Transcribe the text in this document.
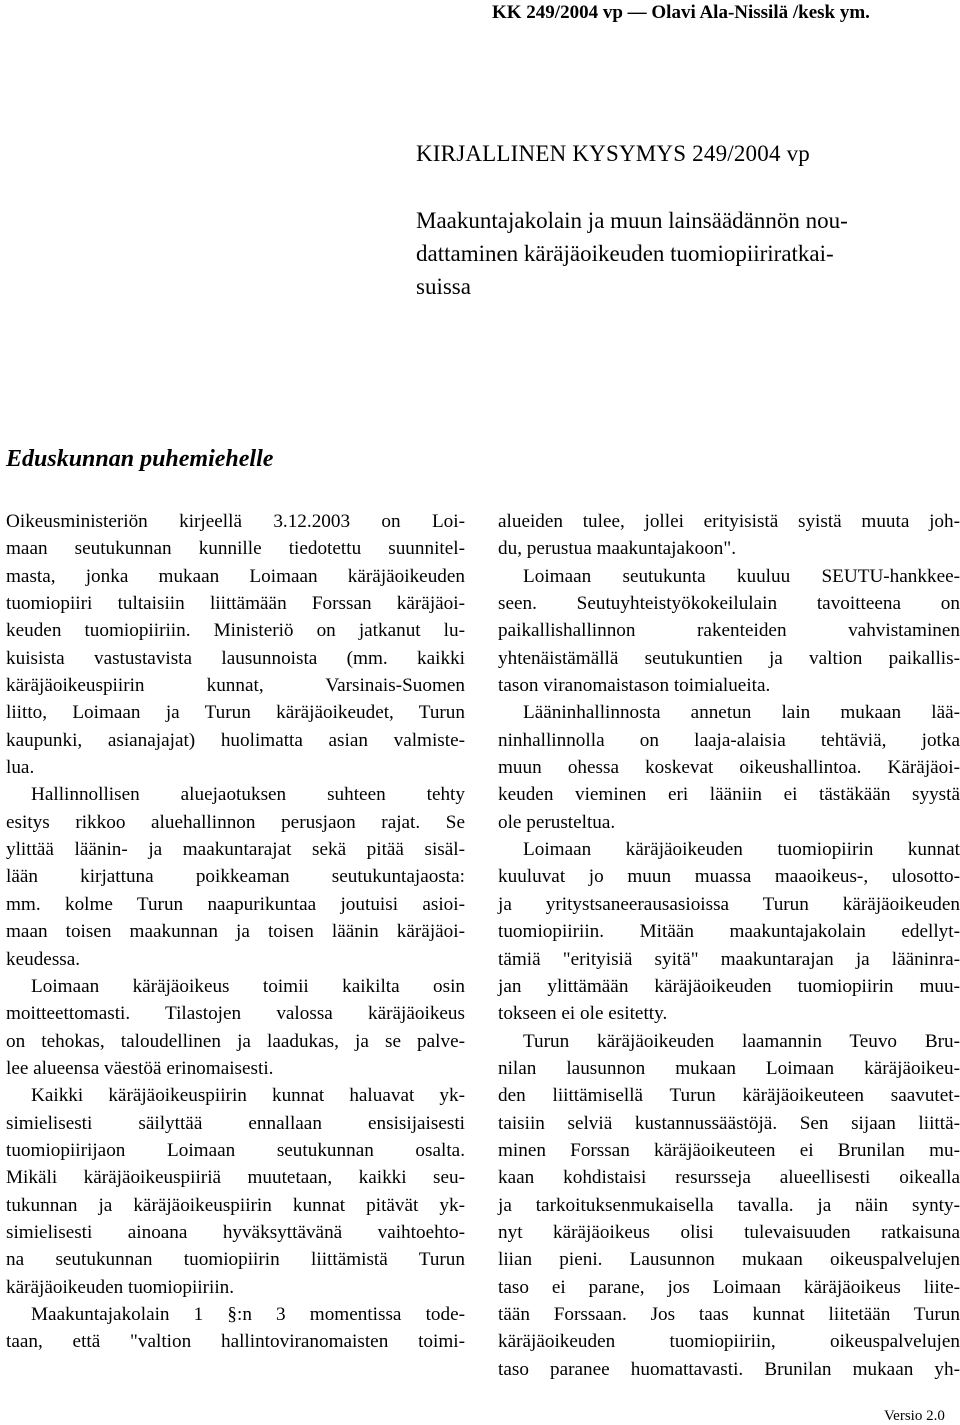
KK 249/2004 vp — Olavi Ala-Nissilä /kesk ym.
KIRJALLINEN KYSYMYS 249/2004 vp
Maakuntajakolain ja muun lainsäädännön nou-
dattaminen käräjäoikeuden tuomiopiiriratkai-
suissa
Eduskunnan puhemiehelle

Oikeusministeriön kirjeellä 3.12.2003 on Loi-
maan seutukunnan kunnille tiedotettu suunnitel-
masta, jonka mukaan Loimaan käräjäoikeuden
tuomiopiiri tultaisiin liittämään Forssan käräjäoi-
keuden tuomiopiiriin. Ministeriö on jatkanut lu-
kuisista vastustavista lausunnoista (mm. kaikki
käräjäoikeuspiirin kunnat, Varsinais-Suomen
liitto, Loimaan ja Turun käräjäoikeudet, Turun
kaupunki, asianajajat) huolimatta asian valmiste-
lua.

Hallinnollisen aluejaotuksen suhteen tehty
esitys rikkoo aluehallinnon perusjaon rajat. Se
ylittää läänin- ja maakuntarajat sekä pitää sisäl-
lään kirjattuna poikkeaman seutukuntajaosta:
mm. kolme Turun naapurikuntaa joutuisi asioi-
maan toisen maakunnan ja toisen läänin käräjäoi-
keudessa.

Loimaan käräjäoikeus toimii kaikilta osin
moitteettomasti. Tilastojen valossa käräjäoikeus
on tehokas, taloudellinen ja laadukas, ja se palve-
lee alueensa väestöä erinomaisesti.

Kaikki käräjäoikeuspiirin kunnat haluavat yk-
simielisesti säilyttää ennallaan ensisijaisesti
tuomiopiirijaon Loimaan seutukunnan osalta.
Mikäli käräjäoikeuspiiriä muutetaan, kaikki seu-
tukunnan ja käräjäoikeuspiirin kunnat pitävät yk-
simielisesti ainoana hyväksyttävänä vaihtoehto-
na seutukunnan tuomiopiirin liittämistä Turun
käräjäoikeuden tuomiopiiriin.

Maakuntajakolain 1 §:n 3 momentissa tode-
taan, että "valtion hallintoviranomaisten toimi-

alueiden tulee, jollei erityisistä syistä muuta joh-
du, perustua maakuntajakoon".

Loimaan seutukunta kuuluu SEUTU-hankkee-
seen. Seutuyhteistyökokeilulain tavoitteena on
paikallishallinnon rakenteiden vahvistaminen
yhtenäistämällä seutukuntien ja valtion paikallis-
tason viranomaistason toimialueita.

Lääninhallinnosta annetun lain mukaan lää-
ninhallinnolla on laaja-alaisia tehtäviä, jotka
muun ohessa koskevat oikeushallintoa. Käräjäoi-
keuden vieminen eri lääniin ei tästäkään syystä
ole perusteltua.

Loimaan käräjäoikeuden tuomiopiirin kunnat
kuuluvat jo muun muassa maaoikeus-, ulosotto-
ja yritystsaneerausasioissa Turun käräjäoikeuden
tuomiopiiriin. Mitään maakuntajakolain edellyt-
tämiä "erityisiä syitä" maakuntarajan ja lääninra-
jan ylittämään käräjäoikeuden tuomiopiirin muu-
tokseen ei ole esitetty.

Turun käräjäoikeuden laamannin Teuvo Bru-
nilan lausunnon mukaan Loimaan käräjäoikeu-
den liittämisellä Turun käräjäoikeuteen saavutet-
taisiin selviä kustannussäästöjä. Sen sijaan liittä-
minen Forssan käräjäoikeuteen ei Brunilan mu-
kaan kohdistaisi resursseja alueellisesti oikealla
ja tarkoituksenmukaisella tavalla. ja näin synty-
nyt käräjäoikeus olisi tulevaisuuden ratkaisuna
liian pieni. Lausunnon mukaan oikeuspalvelujen
taso ei parane, jos Loimaan käräjäoikeus liite-
tään Forssaan. Jos taas kunnat liitetään Turun
käräjäoikeuden tuomiopiiriin, oikeuspalvelujen
taso paranee huomattavasti. Brunilan mukaan yh-

Versio 2.0
